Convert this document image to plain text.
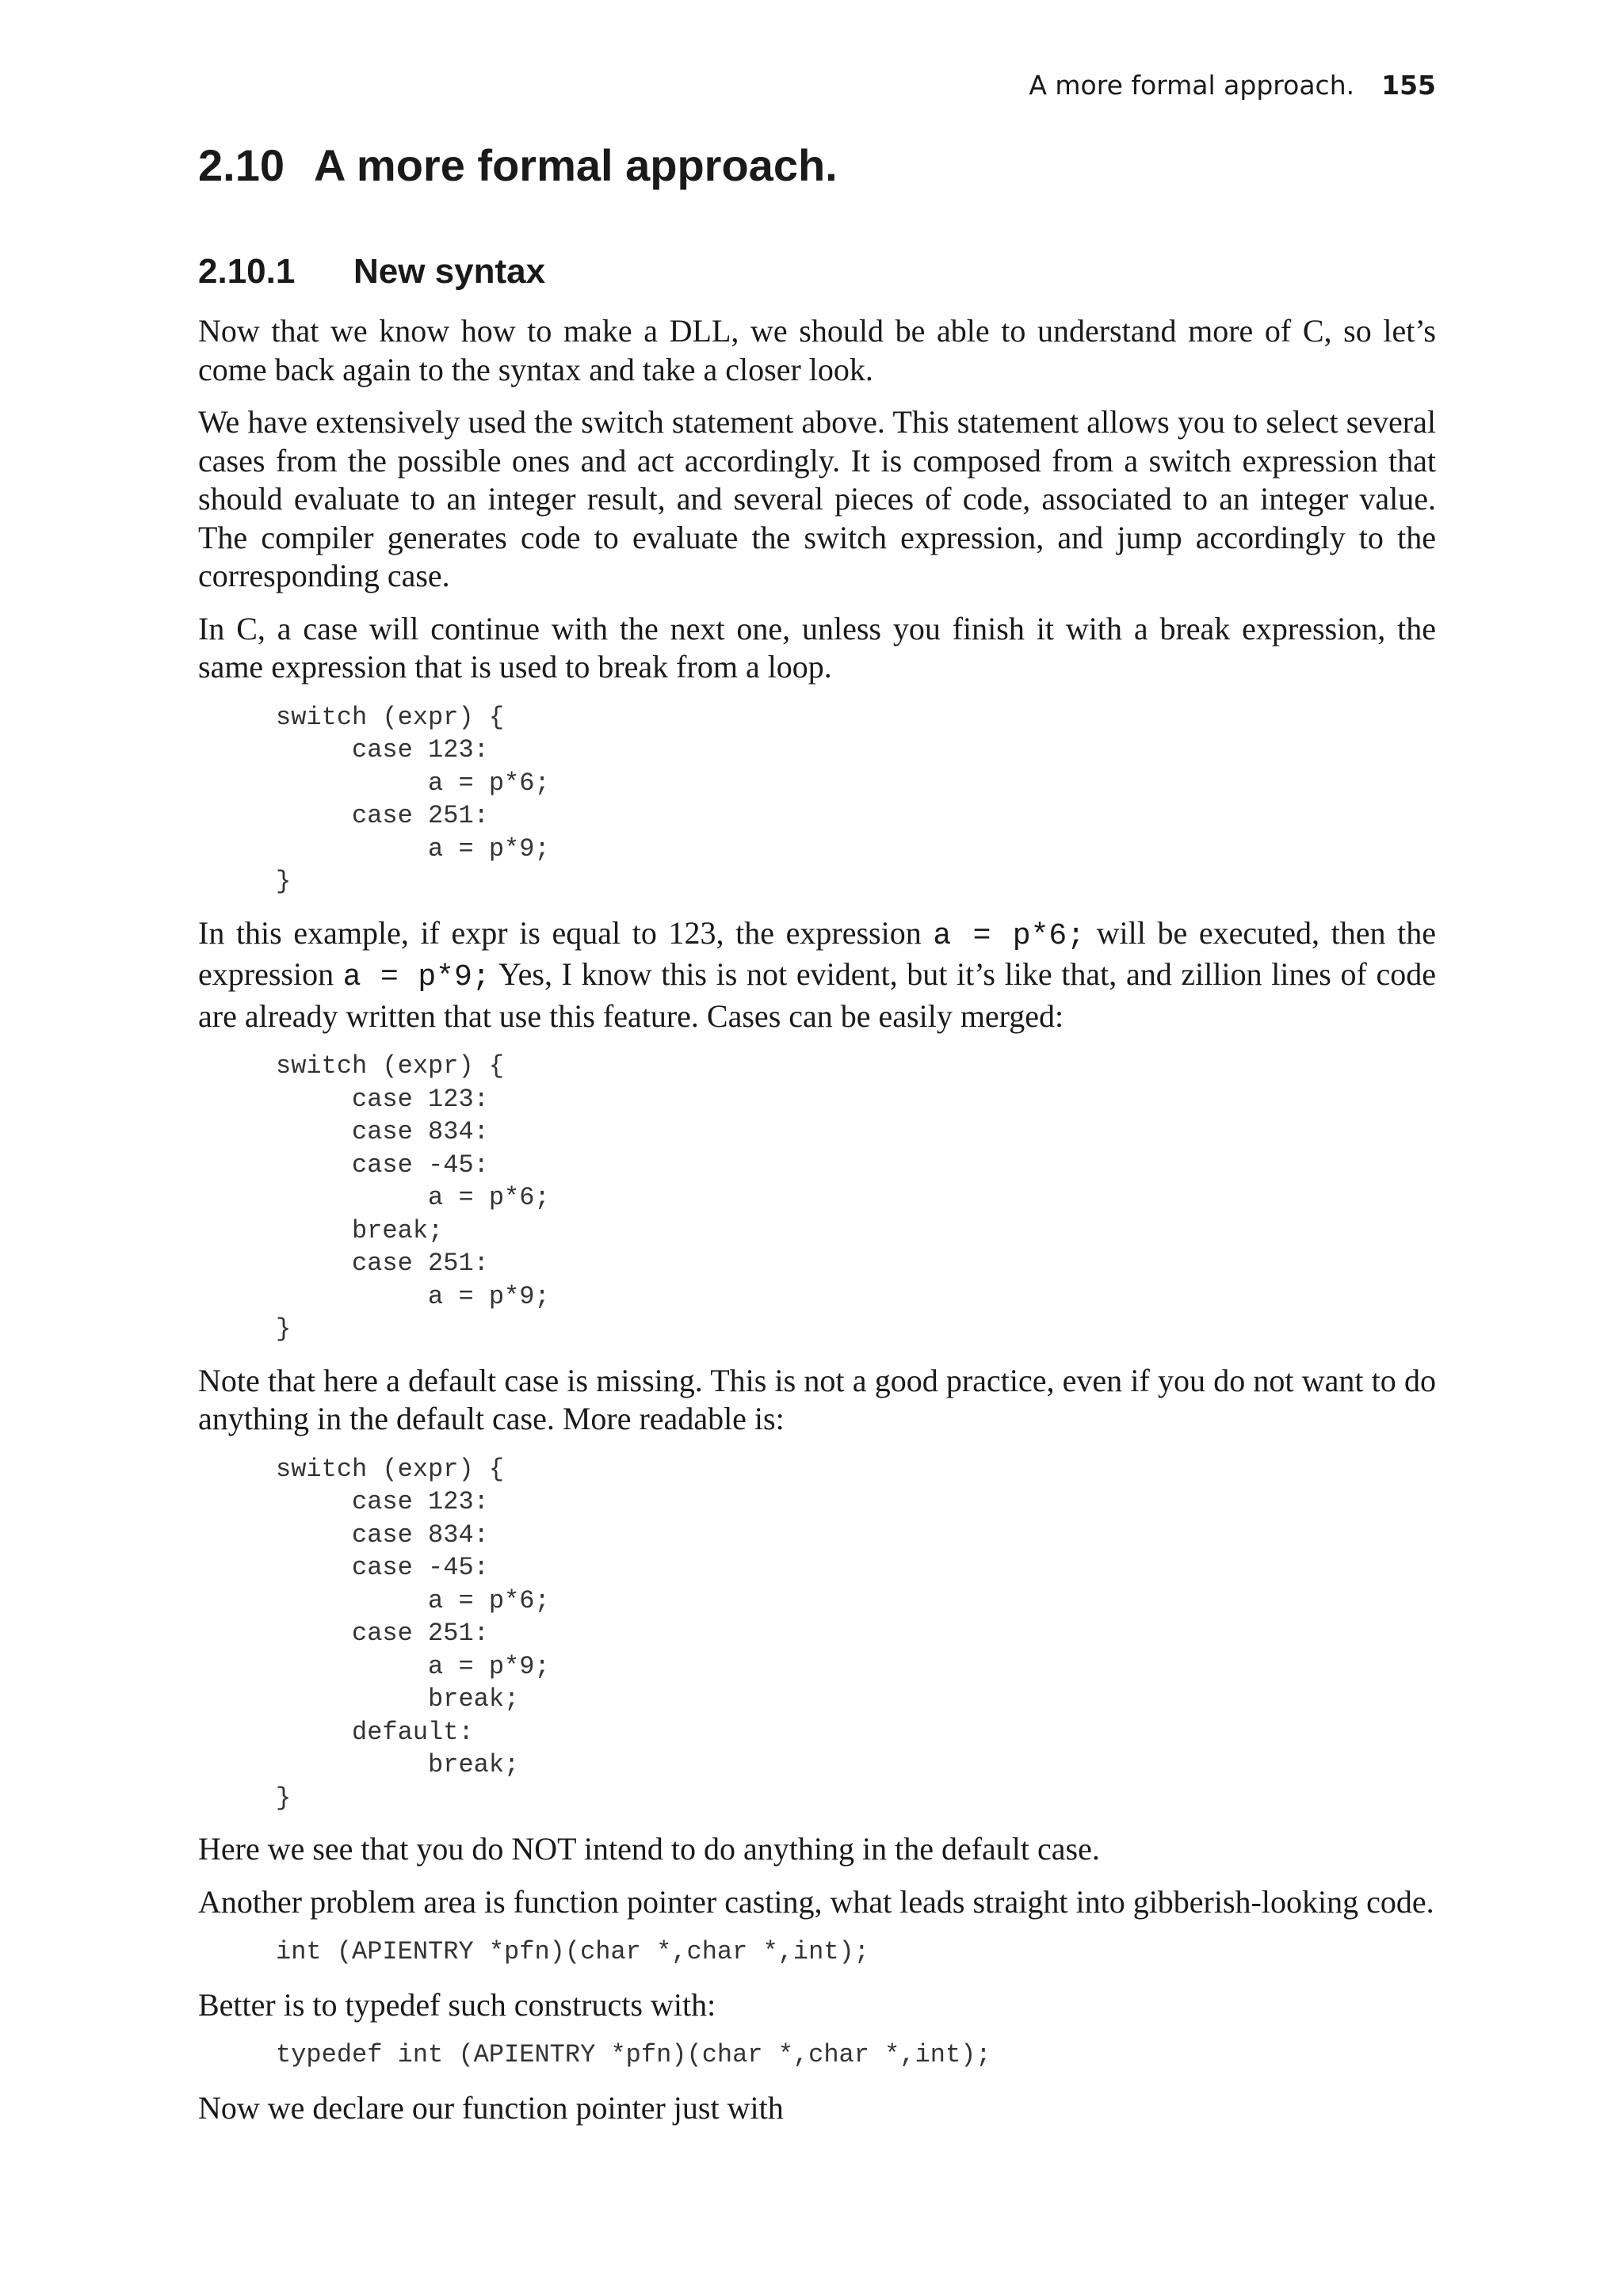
A more formal approach. 155
2.10 A more formal approach.
2.10.1 New syntax

Now that we know how to make a DLL, we should be able to understand more of C, so let’s come back again to the syntax and take a closer look.

We have extensively used the switch statement above. This statement allows you to select several cases from the possible ones and act accordingly. It is composed from a switch expression that should evaluate to an integer result, and several pieces of code, associated to an integer value. The compiler generates code to evaluate the switch expression, and jump accordingly to the corresponding case.

In C, a case will continue with the next one, unless you finish it with a break expression, the same expression that is used to break from a loop.

switch (expr) {
case 123:
a = p*6;
case 251:
a = p*9;
}

In this example, if expr is equal to 123, the expression a = p*6; will be executed, then the expression a = p*9; Yes, I know this is not evident, but it’s like that, and zillion lines of code are already written that use this feature. Cases can be easily merged:

switch (expr) {
case 123:
case 834:
case -45:
a = p*6;
break;
case 251:
a = p*9;
}

Note that here a default case is missing. This is not a good practice, even if you do not want to do anything in the default case. More readable is:

switch (expr) {
case 123:
case 834:
case -45:
a = p*6;
case 251:
a = p*9;
break;
default:
break;
}

Here we see that you do NOT intend to do anything in the default case.

Another problem area is function pointer casting, what leads straight into gibberish-looking code.

int (APIENTRY *pfn)(char *,char *,int);

Better is to typedef such constructs with:

typedef int (APIENTRY *pfn)(char *,char *,int);

Now we declare our function pointer just with
